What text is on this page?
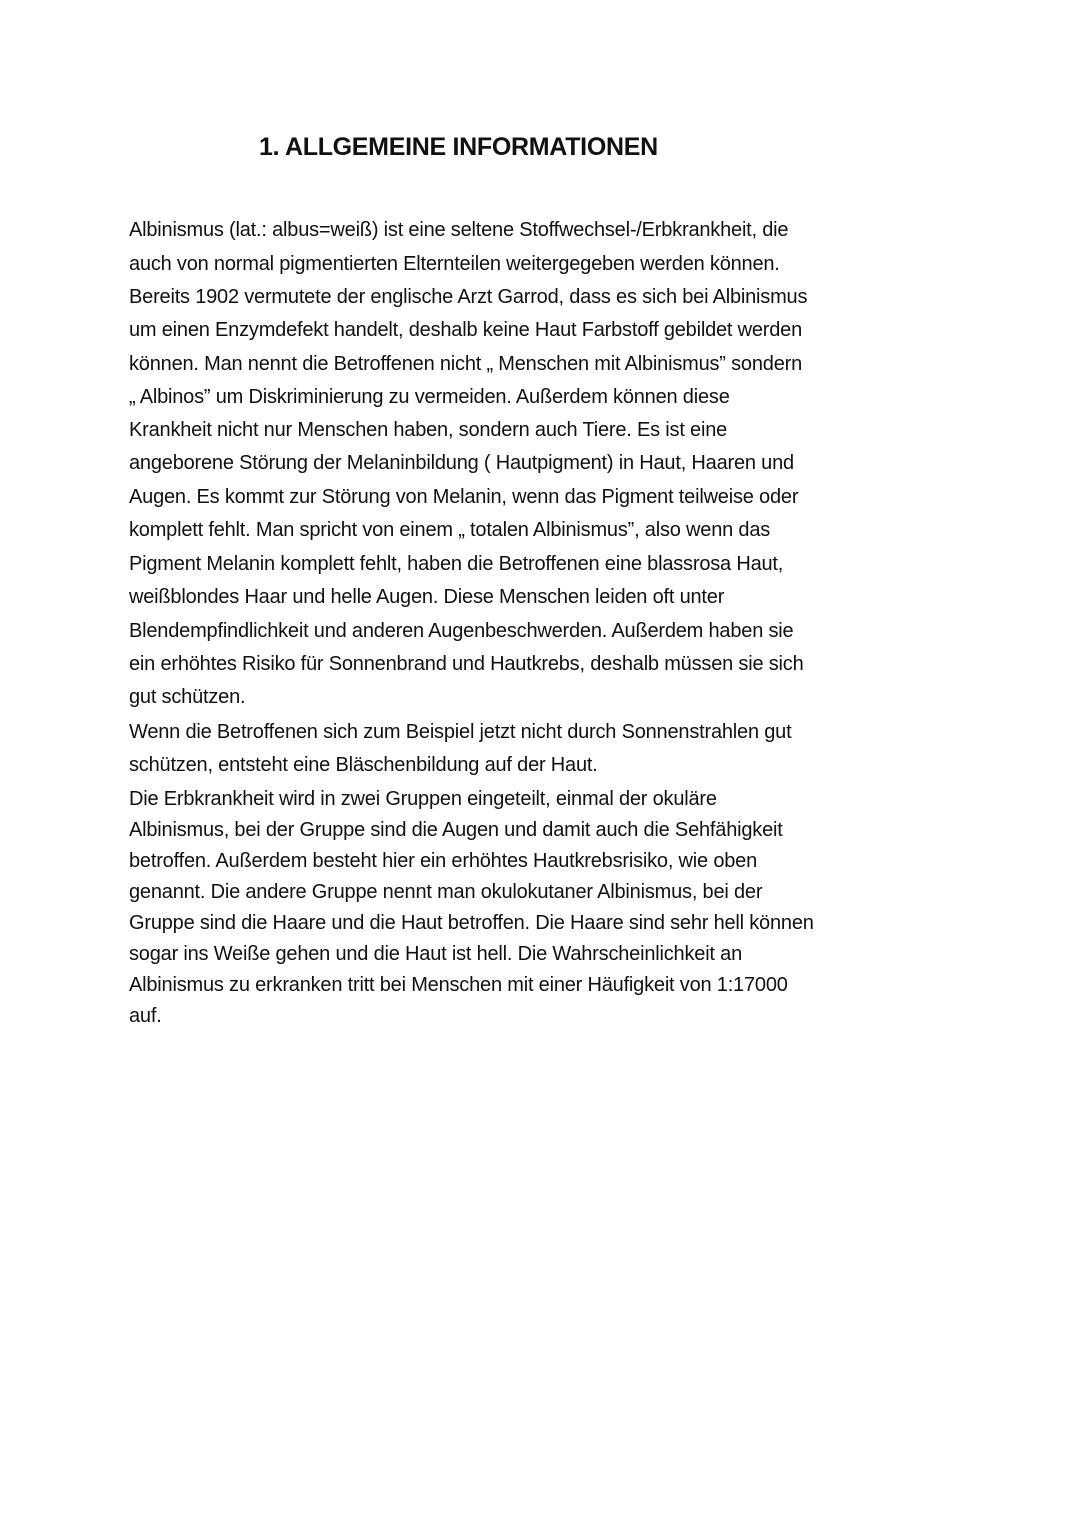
1. ALLGEMEINE INFORMATIONEN
Albinismus (lat.: albus=weiß) ist eine seltene Stoffwechsel-/Erbkrankheit, die
auch von normal pigmentierten Elternteilen weitergegeben werden können.
Bereits 1902 vermutete der englische Arzt Garrod, dass es sich bei Albinismus
um einen Enzymdefekt handelt, deshalb keine Haut Farbstoff gebildet werden
können. Man nennt die Betroffenen nicht „ Menschen mit Albinismus” sondern
„ Albinos” um Diskriminierung zu vermeiden. Außerdem können diese
Krankheit nicht nur Menschen haben, sondern auch Tiere. Es ist eine
angeborene Störung der Melaninbildung ( Hautpigment) in Haut, Haaren und
Augen. Es kommt zur Störung von Melanin, wenn das Pigment teilweise oder
komplett fehlt. Man spricht von einem „ totalen Albinismus”, also wenn das
Pigment Melanin komplett fehlt, haben die Betroffenen eine blassrosa Haut,
weißblondes Haar und helle Augen. Diese Menschen leiden oft unter
Blendempfindlichkeit und anderen Augenbeschwerden. Außerdem haben sie
ein erhöhtes Risiko für Sonnenbrand und Hautkrebs, deshalb müssen sie sich
gut schützen.
Wenn die Betroffenen sich zum Beispiel jetzt nicht durch Sonnenstrahlen gut
schützen, entsteht eine Bläschenbildung auf der Haut.
Die Erbkrankheit wird in zwei Gruppen eingeteilt, einmal der okuläre
Albinismus, bei der Gruppe sind die Augen und damit auch die Sehfähigkeit
betroffen. Außerdem besteht hier ein erhöhtes Hautkrebsrisiko, wie oben
genannt. Die andere Gruppe nennt man okulokutaner Albinismus, bei der
Gruppe sind die Haare und die Haut betroffen. Die Haare sind sehr hell können
sogar ins Weiße gehen und die Haut ist hell. Die Wahrscheinlichkeit an
Albinismus zu erkranken tritt bei Menschen mit einer Häufigkeit von 1:17000
auf.
